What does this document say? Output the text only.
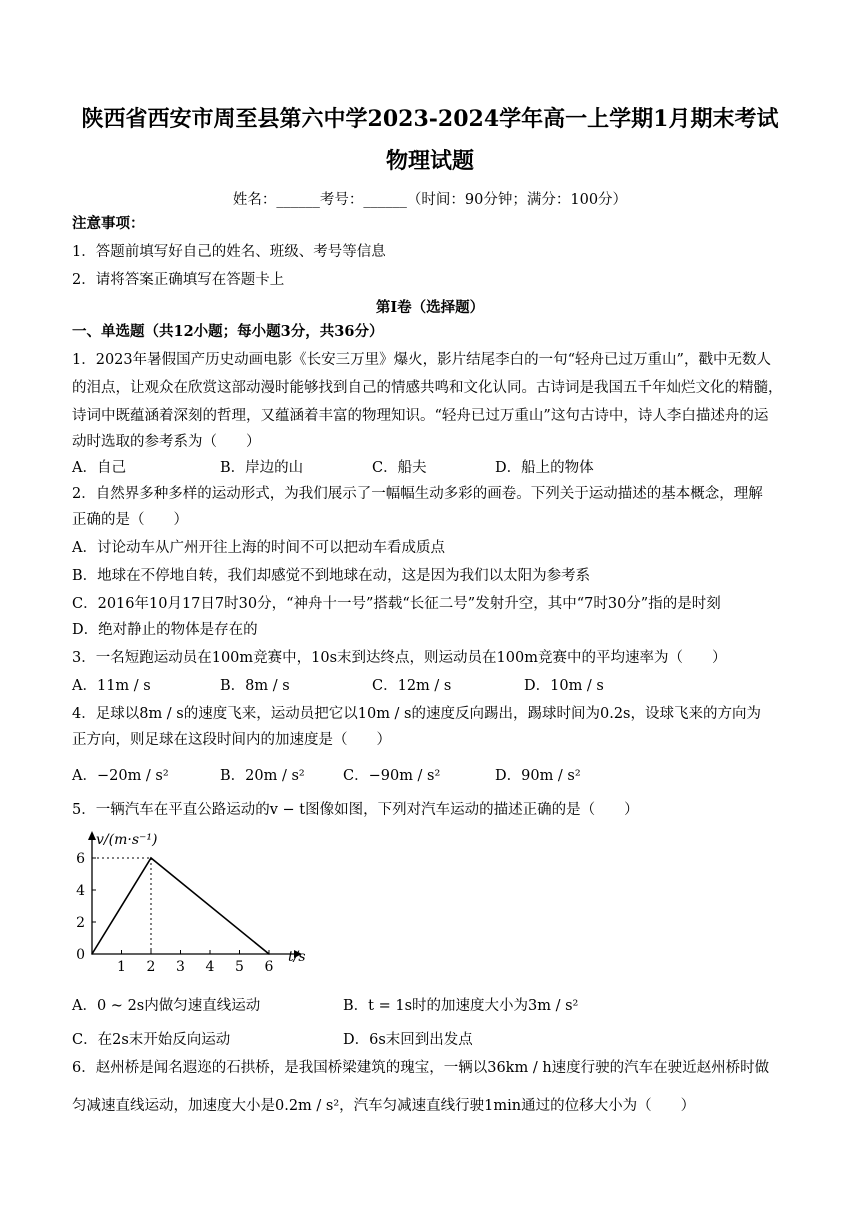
陕西省西安市周至县第六中学2023-2024学年高一上学期1月期末考试
物理试题
姓名：______考号：______（时间：90分钟；满分：100分）
注意事项：
1．答题前填写好自己的姓名、班级、考号等信息
2．请将答案正确填写在答题卡上
第I卷（选择题）
一、单选题（共12小题；每小题3分，共36分）
1．2023年暑假国产历史动画电影《长安三万里》爆火，影片结尾李白的一句“轻舟已过万重山”，戳中无数人
的泪点，让观众在欣赏这部动漫时能够找到自己的情感共鸣和文化认同。古诗词是我国五千年灿烂文化的精髓，
诗词中既蕴涵着深刻的哲理，又蕴涵着丰富的物理知识。“轻舟已过万重山”这句古诗中，诗人李白描述舟的运
动时选取的参考系为（　　）
A．自己	B．岸边的山	C．船夫	D．船上的物体
2．自然界多种多样的运动形式，为我们展示了一幅幅生动多彩的画卷。下列关于运动描述的基本概念，理解
正确的是（　　）
A．讨论动车从广州开往上海的时间不可以把动车看成质点
B．地球在不停地自转，我们却感觉不到地球在动，这是因为我们以太阳为参考系
C．2016年10月17日7时30分，“神舟十一号”搭载“长征二号”发射升空，其中“7时30分”指的是时刻
D．绝对静止的物体是存在的
3．一名短跑运动员在100m竞赛中，10s末到达终点，则运动员在100m竞赛中的平均速率为（　　）
A．11m / s	B．8m / s	C．12m / s	D．10m / s
4．足球以8m / s的速度飞来，运动员把它以10m / s的速度反向踢出，踢球时间为0.2s，设球飞来的方向为
正方向，则足球在这段时间内的加速度是（　　）
A．−20m / s²	B．20m / s²	C．−90m / s²	D．90m / s²
5．一辆汽车在平直公路运动的v − t图像如图，下列对汽车运动的描述正确的是（　　）
v/(m·s⁻¹)
t/s
1 2 3 4 5 6
0
2
4
6
A．0 ~ 2s内做匀速直线运动	B．t = 1s时的加速度大小为3m / s²
C．在2s末开始反向运动	D．6s末回到出发点
6．赵州桥是闻名遐迩的石拱桥，是我国桥梁建筑的瑰宝，一辆以36km / h速度行驶的汽车在驶近赵州桥时做
匀减速直线运动，加速度大小是0.2m / s²，汽车匀减速直线行驶1min通过的位移大小为（　　）
